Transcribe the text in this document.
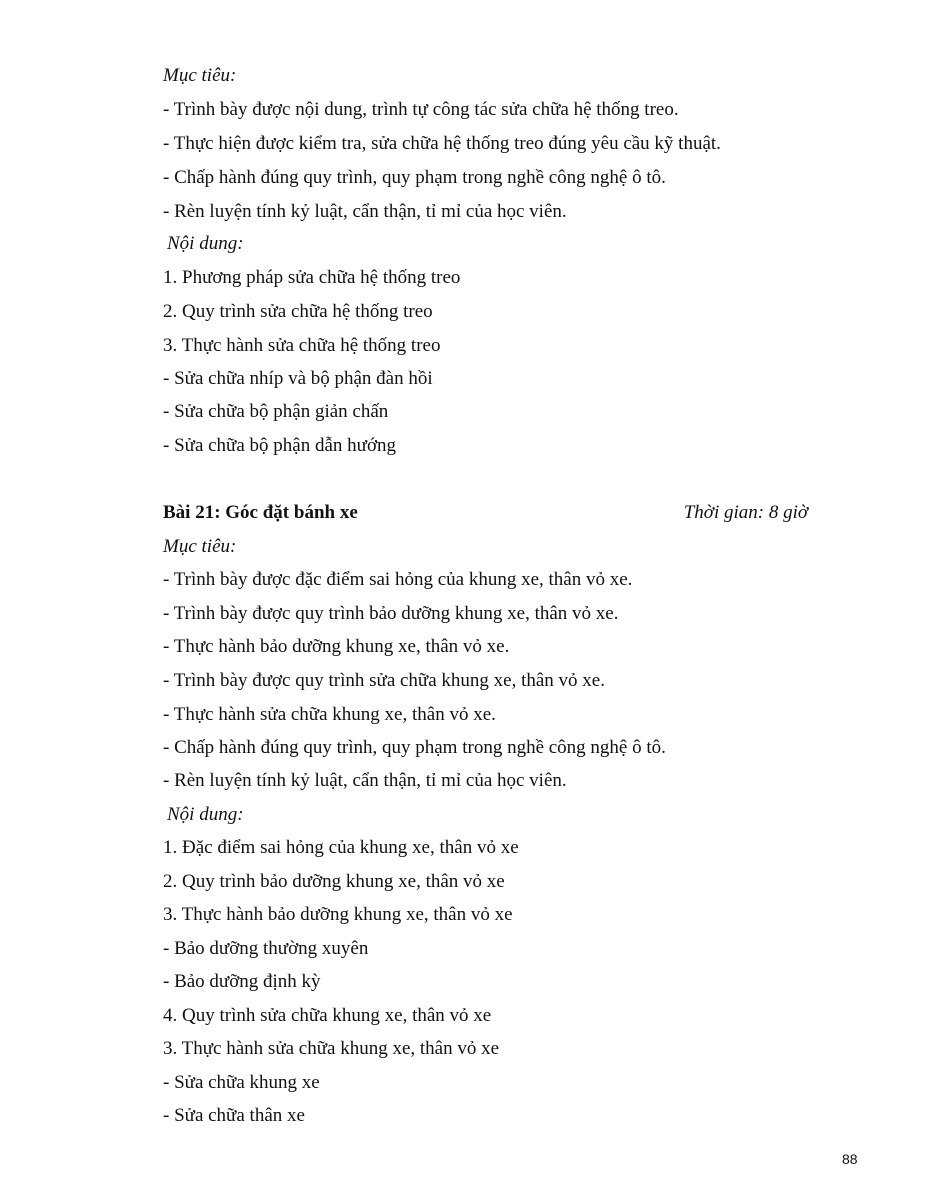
Mục tiêu:
- Trình bày được nội dung, trình tự công tác sửa chữa hệ thống treo.
- Thực hiện được kiểm tra, sửa chữa hệ thống treo đúng yêu cầu kỹ thuật.
- Chấp hành đúng quy trình, quy phạm trong nghề công nghệ ô tô.
- Rèn luyện tính kỷ luật, cẩn thận, tỉ mỉ của học viên.
Nội dung:
1. Phương pháp sửa chữa hệ thống treo
2. Quy trình sửa chữa hệ thống treo
3. Thực hành sửa chữa hệ thống treo
- Sửa chữa nhíp và bộ phận đàn hồi
- Sửa chữa bộ phận giản chấn
- Sửa chữa bộ phận dẫn hướng
Bài 21: Góc đặt bánh xe	Thời gian: 8 giờ
Mục tiêu:
- Trình bày được đặc điểm sai hỏng của khung xe, thân vỏ xe.
- Trình bày được quy trình bảo dưỡng khung xe, thân vỏ xe.
- Thực hành bảo dưỡng khung xe, thân vỏ xe.
- Trình bày được quy trình sửa chữa khung xe, thân vỏ xe.
- Thực hành sửa chữa khung xe, thân vỏ xe.
- Chấp hành đúng quy trình, quy phạm trong nghề công nghệ ô tô.
- Rèn luyện tính kỷ luật, cẩn thận, tỉ mỉ của học viên.
Nội dung:
1. Đặc điểm sai hỏng của khung xe, thân vỏ xe
2. Quy trình bảo dưỡng khung xe, thân vỏ xe
3. Thực hành bảo dưỡng khung xe, thân vỏ xe
- Bảo dưỡng thường xuyên
- Bảo dưỡng định kỳ
4. Quy trình sửa chữa khung xe, thân vỏ xe
3. Thực hành sửa chữa khung xe, thân vỏ xe
- Sửa chữa khung xe
- Sửa chữa thân xe
88
